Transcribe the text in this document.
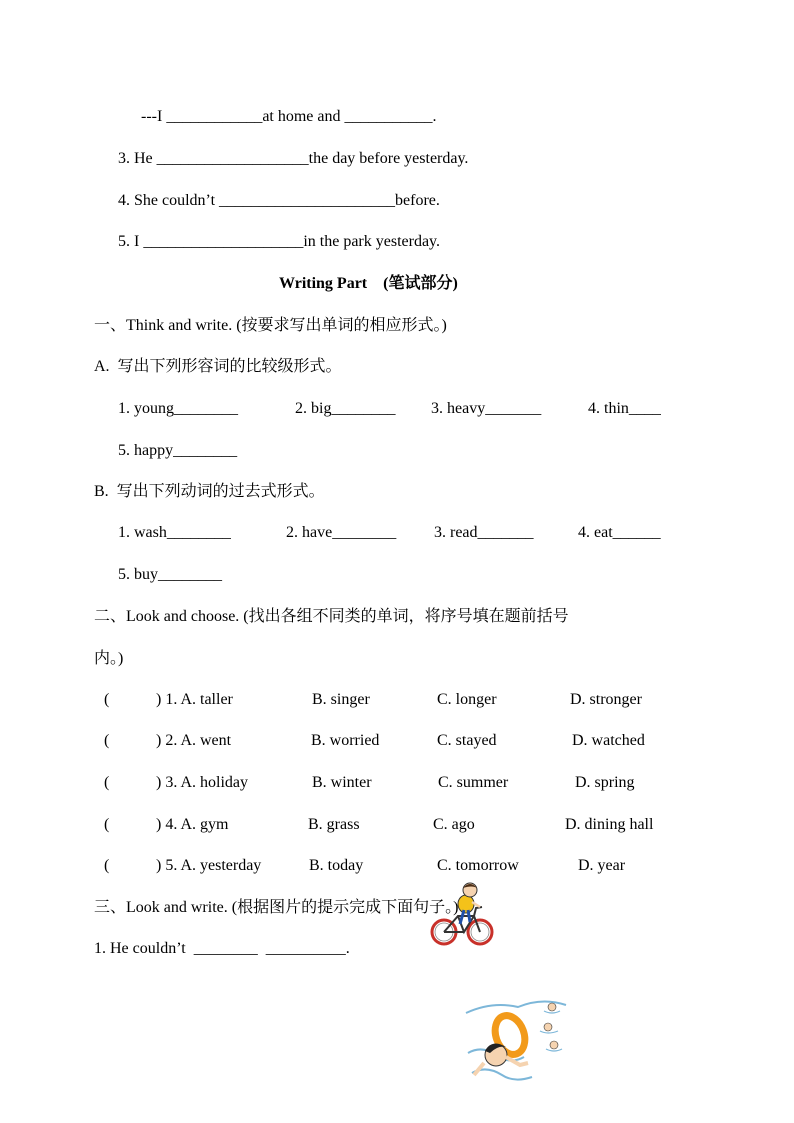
---I ____________at home and ___________.
3. He ___________________the day before yesterday.
4. She couldn’t ______________________before.
5. I ____________________in the park yesterday.
Writing Part    (笔试部分)
一、Think and write. (按要求写出单词的相应形式。)
A.  写出下列形容词的比较级形式。
1. young________	2. big________ 3. heavy_______	4. thin____
5. happy________
B.  写出下列动词的过去式形式。
1. wash________	2. have________ 3. read_______	4. eat______
5. buy________
二、Look and choose. (找出各组不同类的单词，将序号填在题前括号
内。)
(	) 1. A. taller	B. singer	C. longer	D. stronger
(	) 2. A. went	B. worried	C. stayed	D. watched
(	) 3. A. holiday	B. winter	C. summer	D. spring
(	) 4. A. gym	B. grass	C. ago	D. dining hall
(	) 5. A. yesterday	B. today	C. tomorrow	D. year
三、Look and write. (根据图片的提示完成下面句子。)
1. He couldn’t  ________  __________.
